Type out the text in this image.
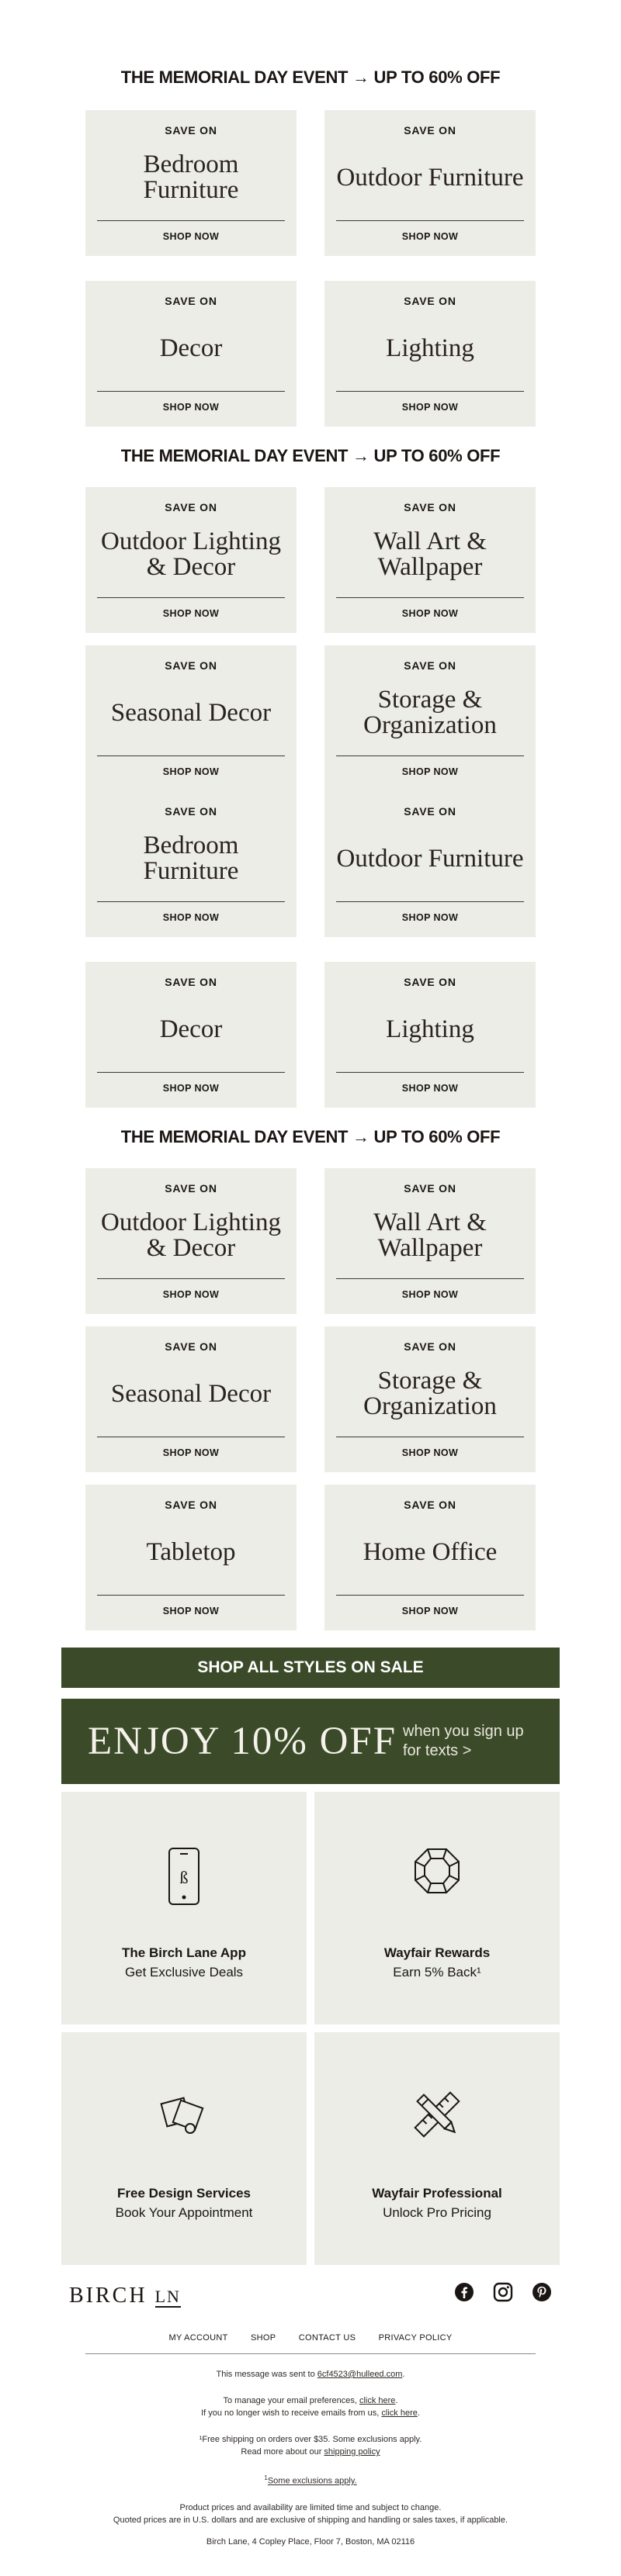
THE MEMORIAL DAY EVENT → UP TO 60% OFF
SAVE ON
Bedroom Furniture
SHOP NOW
SAVE ON
Outdoor Furniture
SHOP NOW
SAVE ON
Decor
SHOP NOW
SAVE ON
Lighting
SHOP NOW
THE MEMORIAL DAY EVENT → UP TO 60% OFF
SAVE ON
Outdoor Lighting & Decor
SHOP NOW
SAVE ON
Wall Art & Wallpaper
SHOP NOW
SAVE ON
Seasonal Decor
SHOP NOW
SAVE ON
Storage & Organization
SHOP NOW
SAVE ON
Bedroom Furniture
SHOP NOW
SAVE ON
Outdoor Furniture
SHOP NOW
SAVE ON
Decor
SHOP NOW
SAVE ON
Lighting
SHOP NOW
THE MEMORIAL DAY EVENT → UP TO 60% OFF
SAVE ON
Outdoor Lighting & Decor
SHOP NOW
SAVE ON
Wall Art & Wallpaper
SHOP NOW
SAVE ON
Seasonal Decor
SHOP NOW
SAVE ON
Storage & Organization
SHOP NOW
SAVE ON
Tabletop
SHOP NOW
SAVE ON
Home Office
SHOP NOW
SHOP ALL STYLES ON SALE
ENJOY 10% OFF when you sign up
for texts >
ß
The Birch Lane App
Get Exclusive Deals
Wayfair Rewards
Earn 5% Back¹
Free Design Services
Book Your Appointment
Wayfair Professional
Unlock Pro Pricing
BIRCH LN
MY ACCOUNT	SHOP	CONTACT US	PRIVACY POLICY

This message was sent to 6cf4523@hulleed.com.

To manage your email preferences, click here.

If you no longer wish to receive emails from us, click here.

¹Free shipping on orders over $35. Some exclusions apply.

Read more about our shipping policy

$^1$Some exclusions apply.

Product prices and availability are limited time and subject to change.

Quoted prices are in U.S. dollars and are exclusive of shipping and handling or sales taxes, if applicable.

Birch Lane, 4 Copley Place, Floor 7, Boston, MA 02116
